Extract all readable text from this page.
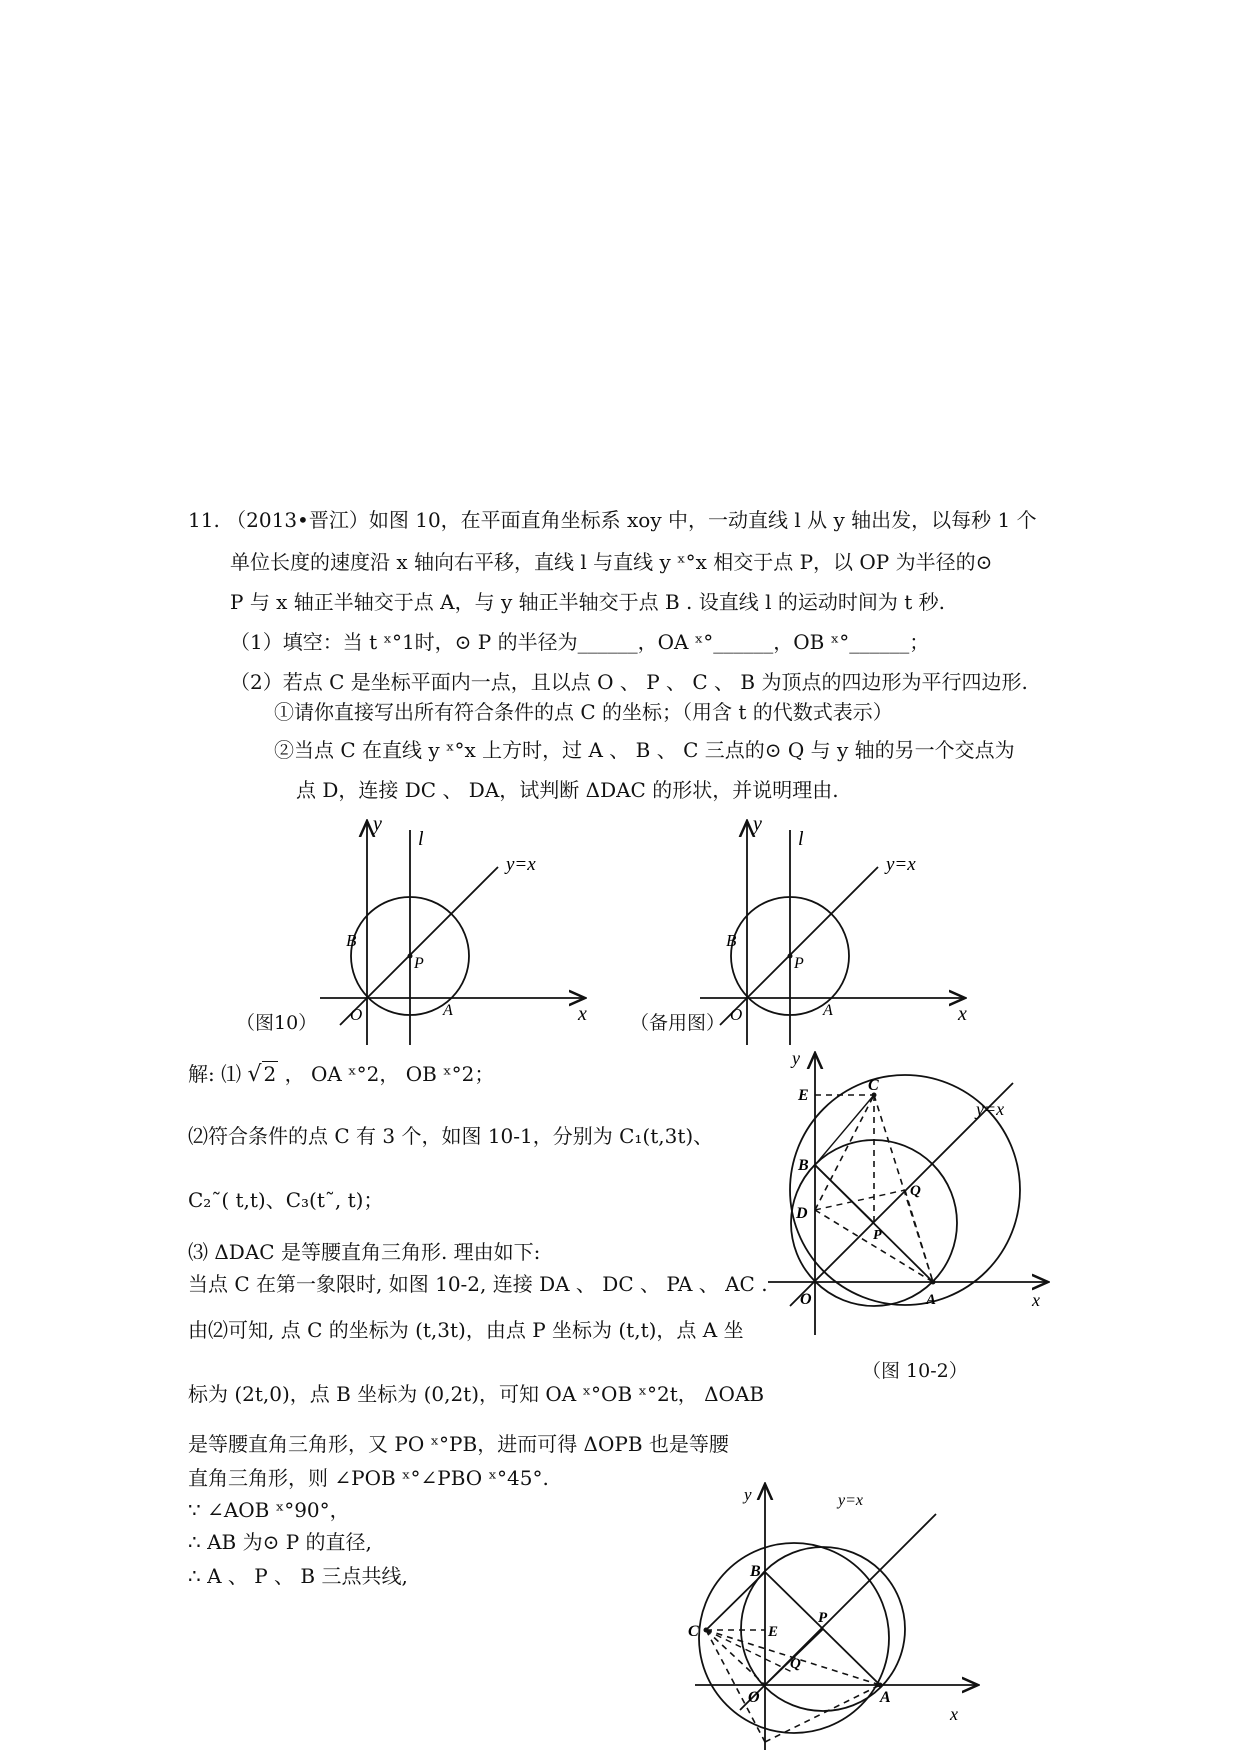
11. （2013•晋江）如图 10，在平面直角坐标系 xoy 中，一动直线 l 从 y 轴出发，以每秒 1 个
单位长度的速度沿 x 轴向右平移，直线 l 与直线 y ˣ°x 相交于点 P，以 OP 为半径的⊙
P 与 x 轴正半轴交于点 A，与 y 轴正半轴交于点 B . 设直线 l 的运动时间为 t 秒.
（1）填空：当 t ˣ°1时，⊙ P 的半径为______，OA ˣ°______，OB ˣ°______；
（2）若点 C 是坐标平面内一点，且以点 O 、 P 、 C 、 B 为顶点的四边形为平行四边形.
①请你直接写出所有符合条件的点 C 的坐标；（用含 t 的代数式表示）
②当点 C 在直线 y ˣ°x 上方时，过 A 、 B 、 C 三点的⊙ Q 与 y 轴的另一个交点为
点 D，连接 DC 、 DA，试判断 ΔDAC 的形状，并说明理由.
y
l
y=x
B
P
O	A	x
（图10）
y
l
y=x
B
P
O	A	x
（备用图）
解: ⑴ √ 2 ， OA ˣ°2， OB ˣ°2；
⑵符合条件的点 C 有 3 个，如图 10-1，分别为 C₁(t,3t)、
C₂˜( t,t)、C₃(t˜, t)；
⑶ ΔDAC 是等腰直角三角形. 理由如下:
当点 C 在第一象限时, 如图 10-2, 连接 DA 、 DC 、 PA 、 AC .
由⑵可知, 点 C 的坐标为 (t,3t)，由点 P 坐标为 (t,t)，点 A 坐
标为 (2t,0)，点 B 坐标为 (0,2t)，可知 OA ˣ°OB ˣ°2t， ΔOAB
是等腰直角三角形，又 PO ˣ°PB，进而可得 ΔOPB 也是等腰
直角三角形，则 ∠POB ˣ°∠PBO ˣ°45°.
∵ ∠AOB ˣ°90°，
∴ AB 为⊙ P 的直径,
∴ A 、 P 、 B 三点共线,
y
E
C
y=x
B
Q
D
P
O	A	x
（图 10-2）
y	y=x
B
C	E
P
Q
O	A
x
